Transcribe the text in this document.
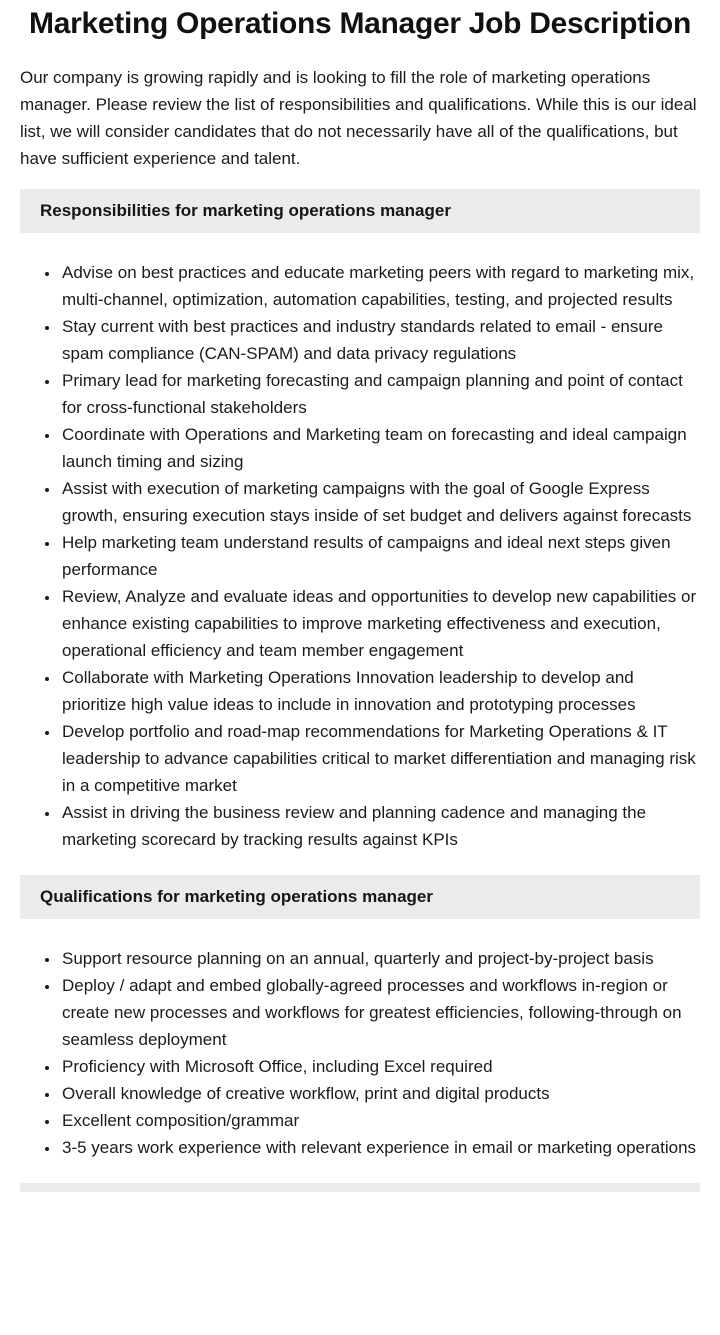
Marketing Operations Manager Job Description

Our company is growing rapidly and is looking to fill the role of marketing operations manager. Please review the list of responsibilities and qualifications. While this is our ideal list, we will consider candidates that do not necessarily have all of the qualifications, but have sufficient experience and talent.

Responsibilities for marketing operations manager
• Advise on best practices and educate marketing peers with regard to marketing mix, multi-channel, optimization, automation capabilities, testing, and projected results
• Stay current with best practices and industry standards related to email - ensure spam compliance (CAN-SPAM) and data privacy regulations
• Primary lead for marketing forecasting and campaign planning and point of contact for cross-functional stakeholders
• Coordinate with Operations and Marketing team on forecasting and ideal campaign launch timing and sizing
• Assist with execution of marketing campaigns with the goal of Google Express growth, ensuring execution stays inside of set budget and delivers against forecasts
• Help marketing team understand results of campaigns and ideal next steps given performance
• Review, Analyze and evaluate ideas and opportunities to develop new capabilities or enhance existing capabilities to improve marketing effectiveness and execution, operational efficiency and team member engagement
• Collaborate with Marketing Operations Innovation leadership to develop and prioritize high value ideas to include in innovation and prototyping processes
• Develop portfolio and road-map recommendations for Marketing Operations & IT leadership to advance capabilities critical to market differentiation and managing risk in a competitive market
• Assist in driving the business review and planning cadence and managing the marketing scorecard by tracking results against KPIs
Qualifications for marketing operations manager
• Support resource planning on an annual, quarterly and project-by-project basis
• Deploy / adapt and embed globally-agreed processes and workflows in-region or create new processes and workflows for greatest efficiencies, following-through on seamless deployment
• Proficiency with Microsoft Office, including Excel required
• Overall knowledge of creative workflow, print and digital products
• Excellent composition/grammar
• 3-5 years work experience with relevant experience in email or marketing operations
